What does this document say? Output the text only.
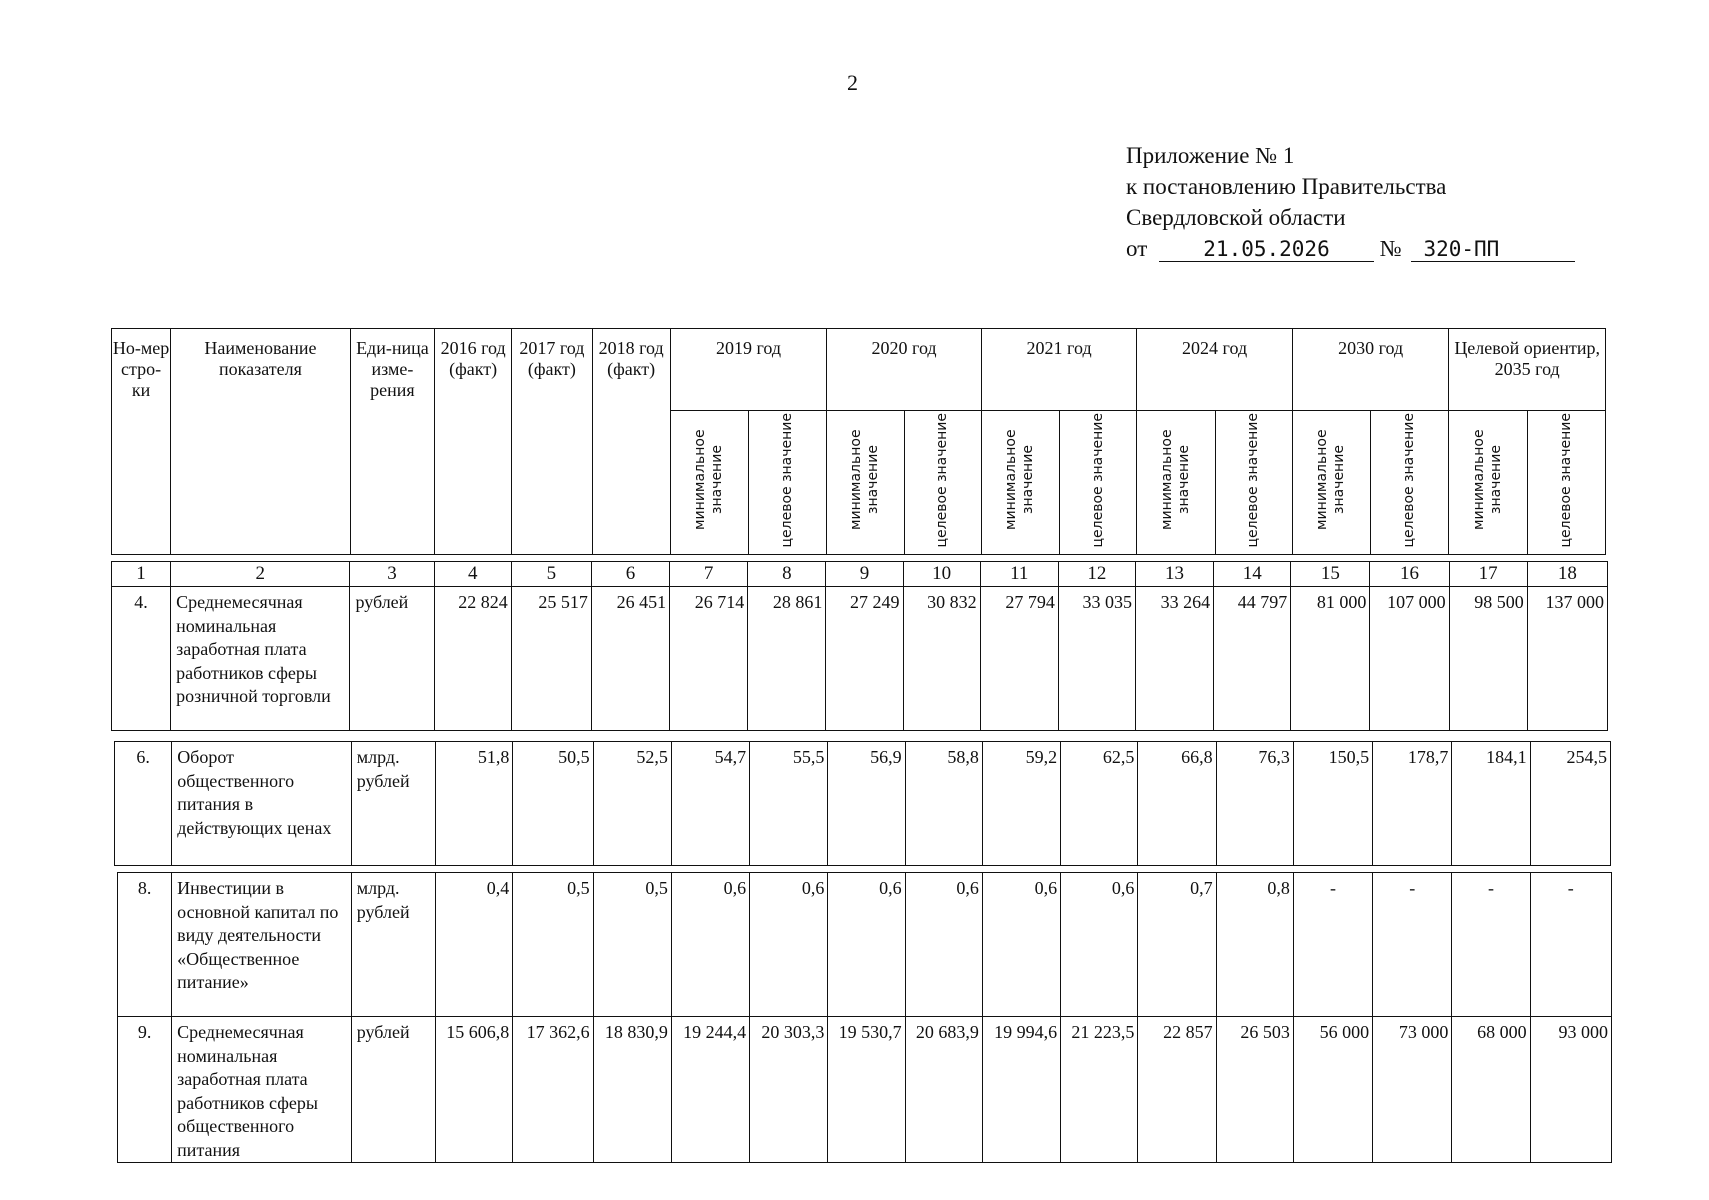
2
Приложение № 1
к постановлению Правительства
Свердловской области
от	21.05.2026 № 320-ПП
Но-мер стро-ки	Наименование показателя	Еди-ница изме-рения	2016 год (факт)	2017 год (факт)	2018 год (факт)	2019 год		2020 год		2021 год		2024 год		2030 год		Целевой ориентир, 2035 год	
						минимальное значение	целевое значение	минимальное значение	целевое значение	минимальное значение	целевое значение	минимальное значение	целевое значение	минимальное значение	целевое значение	минимальное значение	целевое значение
1	2	3	4	5	6	7	8	9	10	11	12	13	14	15	16	17	18
4.	Среднемесячная номинальная заработная плата работников сферы розничной торговли	рублей	22 824	25 517	26 451	26 714	28 861	27 249	30 832	27 794	33 035	33 264	44 797	81 000	107 000	98 500	137 000
6.	Оборот общественного питания в действующих ценах	млрд. рублей	51,8	50,5	52,5	54,7	55,5	56,9	58,8	59,2	62,5	66,8	76,3	150,5	178,7	184,1	254,5
8.	Инвестиции в основной капитал по виду деятельности «Общественное питание»	млрд. рублей	0,4	0,5	0,5	0,6	0,6	0,6	0,6	0,6	0,6	0,7	0,8	-	-	-	-
9.	Среднемесячная номинальная заработная плата работников сферы общественного питания	рублей	15 606,8	17 362,6	18 830,9	19 244,4	20 303,3	19 530,7	20 683,9	19 994,6	21 223,5	22 857	26 503	56 000	73 000	68 000	93 000
